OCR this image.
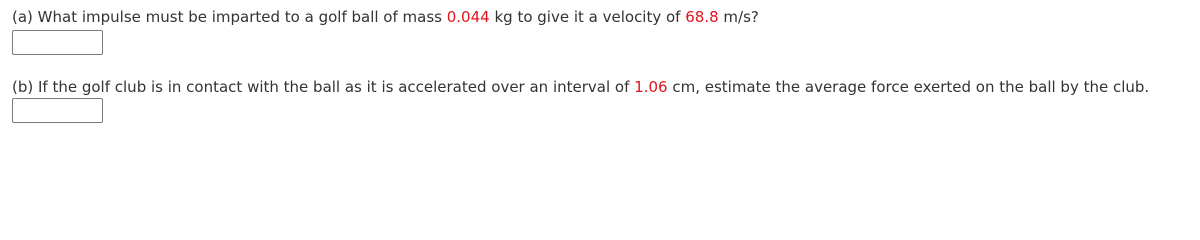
(a) What impulse must be imparted to a golf ball of mass 0.044 kg to give it a velocity of 68.8 m/s?
(b) If the golf club is in contact with the ball as it is accelerated over an interval of 1.06 cm, estimate the average force exerted on the ball by the club.
